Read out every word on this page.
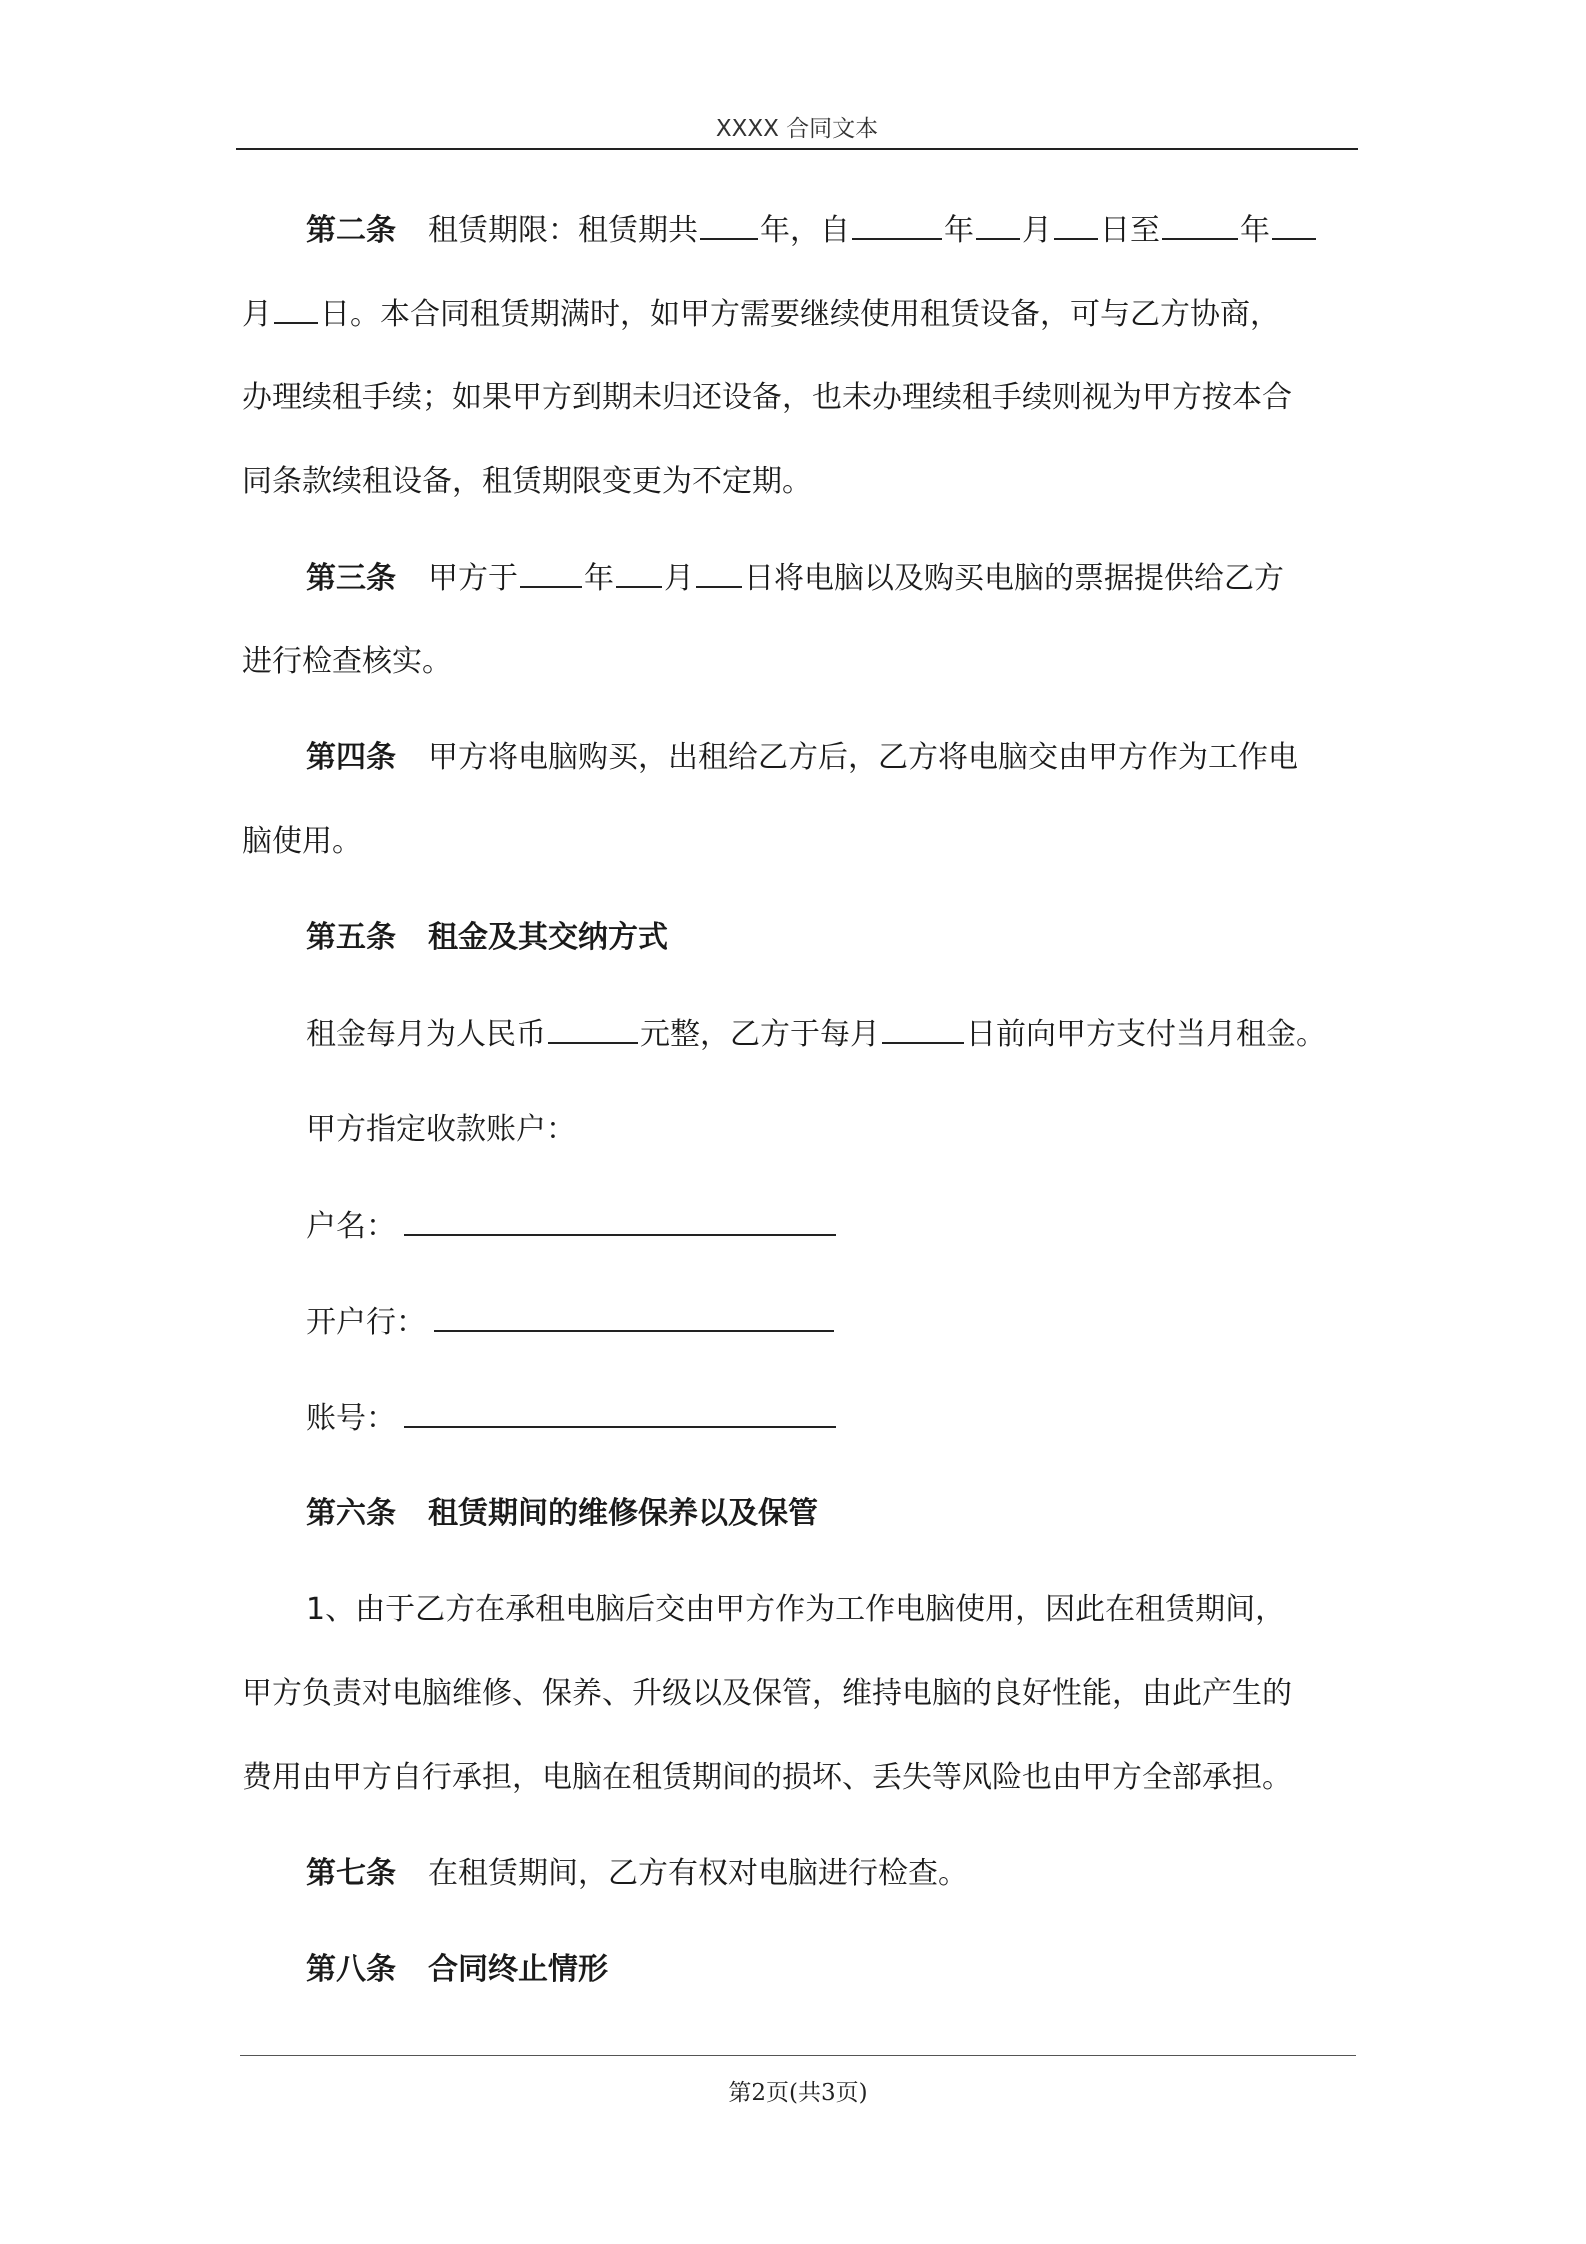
XXXX 合同文本
第二条 租赁期限：租赁期共 年，自	年 月 日至	年
月 日。本合同租赁期满时，如甲方需要继续使用租赁设备，可与乙方协商，
办理续租手续；如果甲方到期未归还设备，也未办理续租手续则视为甲方按本合
同条款续租设备，租赁期限变更为不定期。
第三条 甲方于 年 月 日将电脑以及购买电脑的票据提供给乙方
进行检查核实。
第四条 甲方将电脑购买，出租给乙方后，乙方将电脑交由甲方作为工作电
脑使用。
第五条 租金及其交纳方式
租金每月为人民币	元整，乙方于每月	日前向甲方支付当月租金。
甲方指定收款账户：
户名：
开户行：
账号：
第六条 租赁期间的维修保养以及保管
1、由于乙方在承租电脑后交由甲方作为工作电脑使用，因此在租赁期间，
甲方负责对电脑维修、保养、升级以及保管，维持电脑的良好性能，由此产生的
费用由甲方自行承担，电脑在租赁期间的损坏、丢失等风险也由甲方全部承担。
第七条 在租赁期间，乙方有权对电脑进行检查。
第八条 合同终止情形
第2页(共3页)
